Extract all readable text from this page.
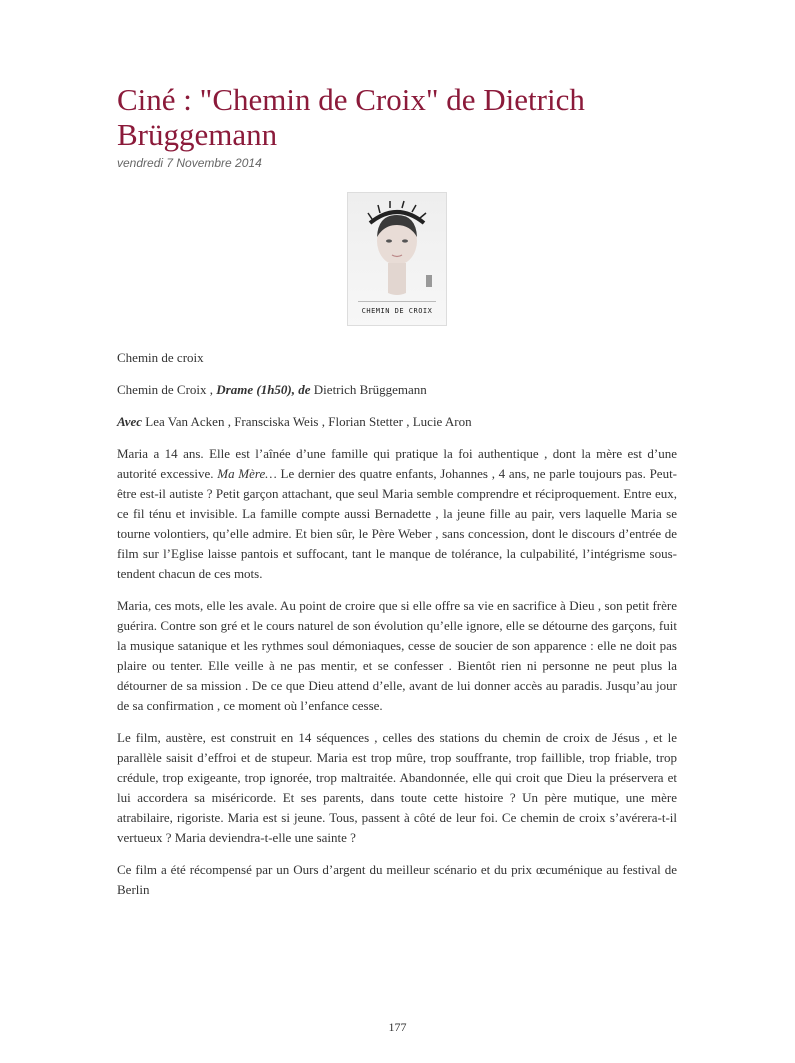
Ciné : "Chemin de Croix" de Dietrich Brüggemann
vendredi 7 Novembre 2014
CHEMIN DE CROIX

Chemin de croix

Chemin de Croix , Drame (1h50), de Dietrich Brüggemann

Avec Lea Van Acken , Fransciska Weis , Florian Stetter , Lucie Aron

Maria a 14 ans. Elle est l’aînée d’une famille qui pratique la foi authentique , dont la mère est d’une autorité excessive. Ma Mère… Le dernier des quatre enfants, Johannes , 4 ans, ne parle toujours pas. Peut-être est-il autiste ? Petit garçon attachant, que seul Maria semble comprendre et réciproquement. Entre eux, ce fil ténu et invisible. La famille compte aussi Bernadette , la jeune fille au pair, vers laquelle Maria se tourne volontiers, qu’elle admire. Et bien sûr, le Père Weber , sans concession, dont le discours d’entrée de film sur l’Eglise laisse pantois et suffocant, tant le manque de tolérance, la culpabilité, l’intégrisme sous-tendent chacun de ces mots.

Maria, ces mots, elle les avale. Au point de croire que si elle offre sa vie en sacrifice à Dieu , son petit frère guérira. Contre son gré et le cours naturel de son évolution qu’elle ignore, elle se détourne des garçons, fuit la musique satanique et les rythmes soul démoniaques, cesse de soucier de son apparence : elle ne doit pas plaire ou tenter. Elle veille à ne pas mentir, et se confesser . Bientôt rien ni personne ne peut plus la détourner de sa mission . De ce que Dieu attend d’elle, avant de lui donner accès au paradis. Jusqu’au jour de sa confirmation , ce moment où l’enfance cesse.

Le film, austère, est construit en 14 séquences , celles des stations du chemin de croix de Jésus , et le parallèle saisit d’effroi et de stupeur. Maria est trop mûre, trop souffrante, trop faillible, trop friable, trop crédule, trop exigeante, trop ignorée, trop maltraitée. Abandonnée, elle qui croit que Dieu la préservera et lui accordera sa miséricorde. Et ses parents, dans toute cette histoire ? Un père mutique, une mère atrabilaire, rigoriste. Maria est si jeune. Tous, passent à côté de leur foi. Ce chemin de croix s’avérera-t-il vertueux ? Maria deviendra-t-elle une sainte ?

Ce film a été récompensé par un Ours d’argent du meilleur scénario et du prix œcuménique au festival de Berlin

177
